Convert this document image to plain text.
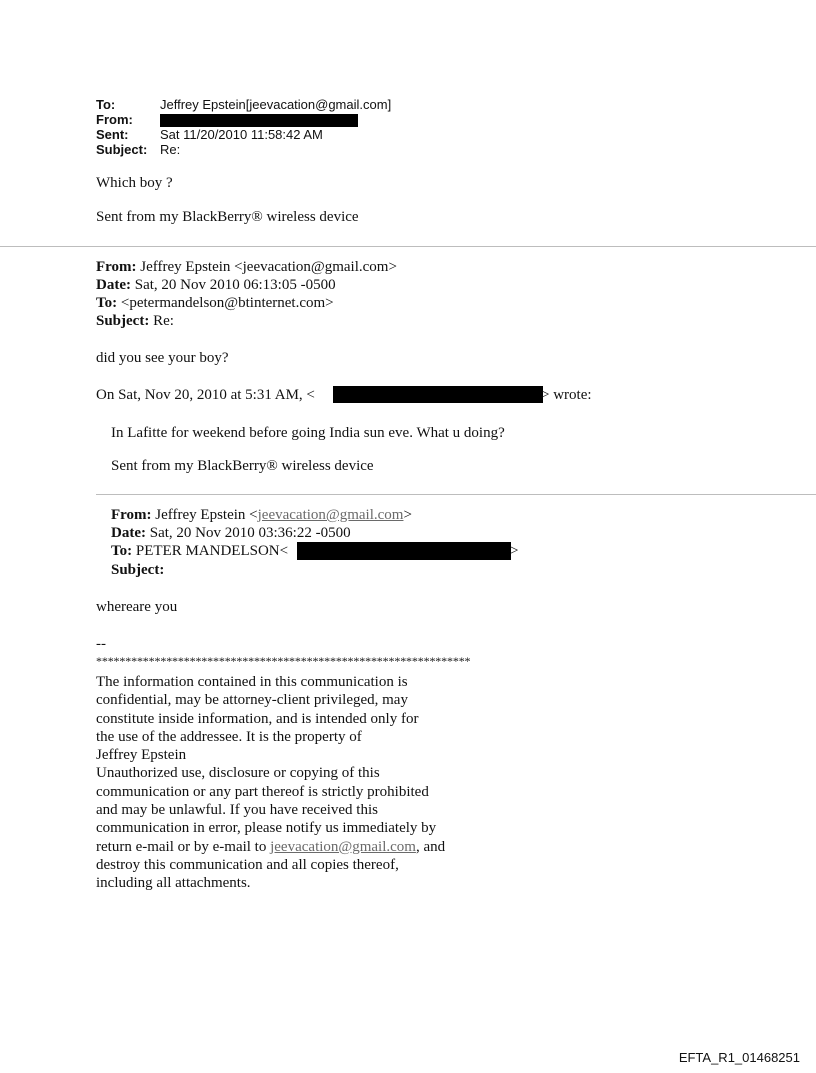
To:	Jeffrey Epstein[jeevacation@gmail.com]
From:
Sent: Sat 11/20/2010 11:58:42 AM
Subject: Re:
Which boy ?
Sent from my BlackBerry® wireless device
From: Jeffrey Epstein <jeevacation@gmail.com>
Date: Sat, 20 Nov 2010 06:13:05 -0500
To: <petermandelson@btinternet.com>
Subject: Re:
did you see your boy?
On Sat, Nov 20, 2010 at 5:31 AM, <	> wrote:
In Lafitte for weekend before going India sun eve. What u doing?
Sent from my BlackBerry® wireless device
From: Jeffrey Epstein <jeevacation@gmail.com>
Date: Sat, 20 Nov 2010 03:36:22 -0500
To: PETER MANDELSON<	>
Subject:
whereare you
--
****************************************************************
The information contained in this communication is
confidential, may be attorney-client privileged, may
constitute inside information, and is intended only for
the use of the addressee. It is the property of
Jeffrey Epstein
Unauthorized use, disclosure or copying of this
communication or any part thereof is strictly prohibited
and may be unlawful. If you have received this
communication in error, please notify us immediately by
return e-mail or by e-mail to jeevacation@gmail.com, and
destroy this communication and all copies thereof,
including all attachments.
EFTA_R1_01468251
